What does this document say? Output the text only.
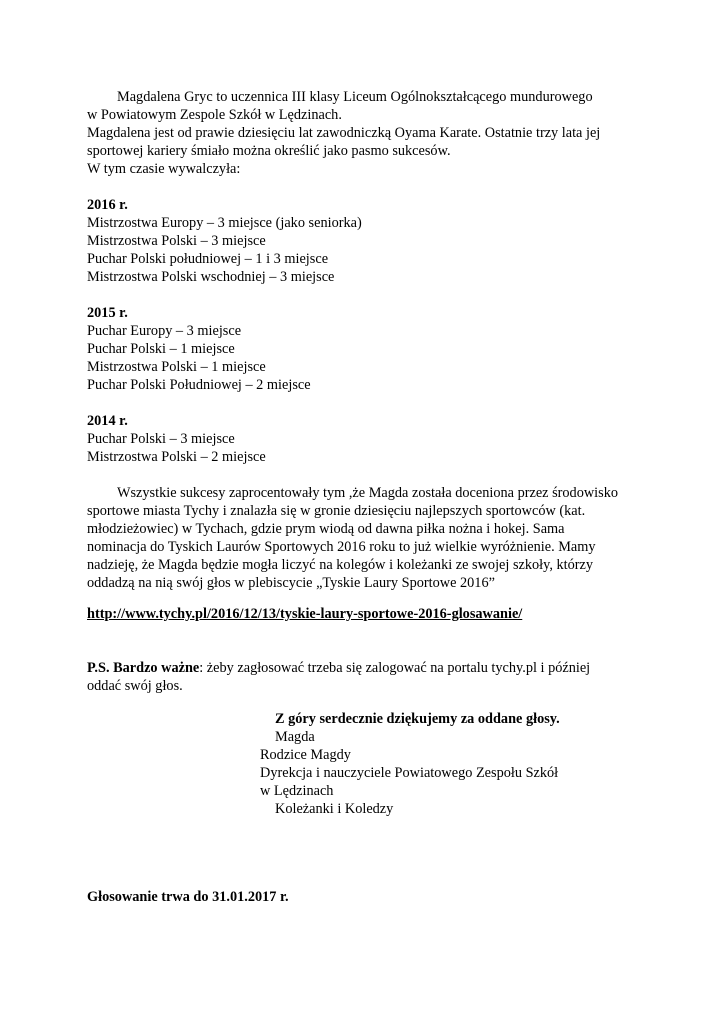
Magdalena Gryc to uczennica III klasy Liceum Ogólnokształcącego mundurowego
w Powiatowym Zespole Szkół w Lędzinach.
Magdalena jest od prawie dziesięciu lat zawodniczką Oyama Karate. Ostatnie trzy lata jej
sportowej kariery śmiało można określić jako pasmo sukcesów.
W tym czasie wywalczyła:
2016 r.
Mistrzostwa Europy – 3 miejsce (jako seniorka)
Mistrzostwa Polski – 3 miejsce
Puchar Polski południowej – 1 i 3 miejsce
Mistrzostwa Polski wschodniej – 3 miejsce
2015 r.
Puchar Europy – 3 miejsce
Puchar Polski – 1 miejsce
Mistrzostwa Polski – 1 miejsce
Puchar Polski Południowej – 2 miejsce
2014 r.
Puchar Polski – 3 miejsce
Mistrzostwa Polski – 2 miejsce
Wszystkie sukcesy zaprocentowały tym ,że Magda została doceniona przez środowisko
sportowe miasta Tychy i znalazła się w gronie dziesięciu najlepszych sportowców (kat.
młodzieżowiec) w Tychach, gdzie prym wiodą od dawna piłka nożna i hokej. Sama
nominacja do Tyskich Laurów Sportowych 2016 roku to już wielkie wyróżnienie. Mamy
nadzieję, że Magda będzie mogła liczyć na kolegów i koleżanki ze swojej szkoły, którzy
oddadzą na nią swój głos w plebiscycie „Tyskie Laury Sportowe 2016”
http://www.tychy.pl/2016/12/13/tyskie-laury-sportowe-2016-glosawanie/
P.S. Bardzo ważne: żeby zagłosować trzeba się zalogować na portalu tychy.pl i później
oddać swój głos.
Z góry serdecznie dziękujemy za oddane głosy.
Magda
Rodzice Magdy
Dyrekcja i nauczyciele Powiatowego Zespołu Szkół
w Lędzinach
Koleżanki i Koledzy
Głosowanie trwa do 31.01.2017 r.
